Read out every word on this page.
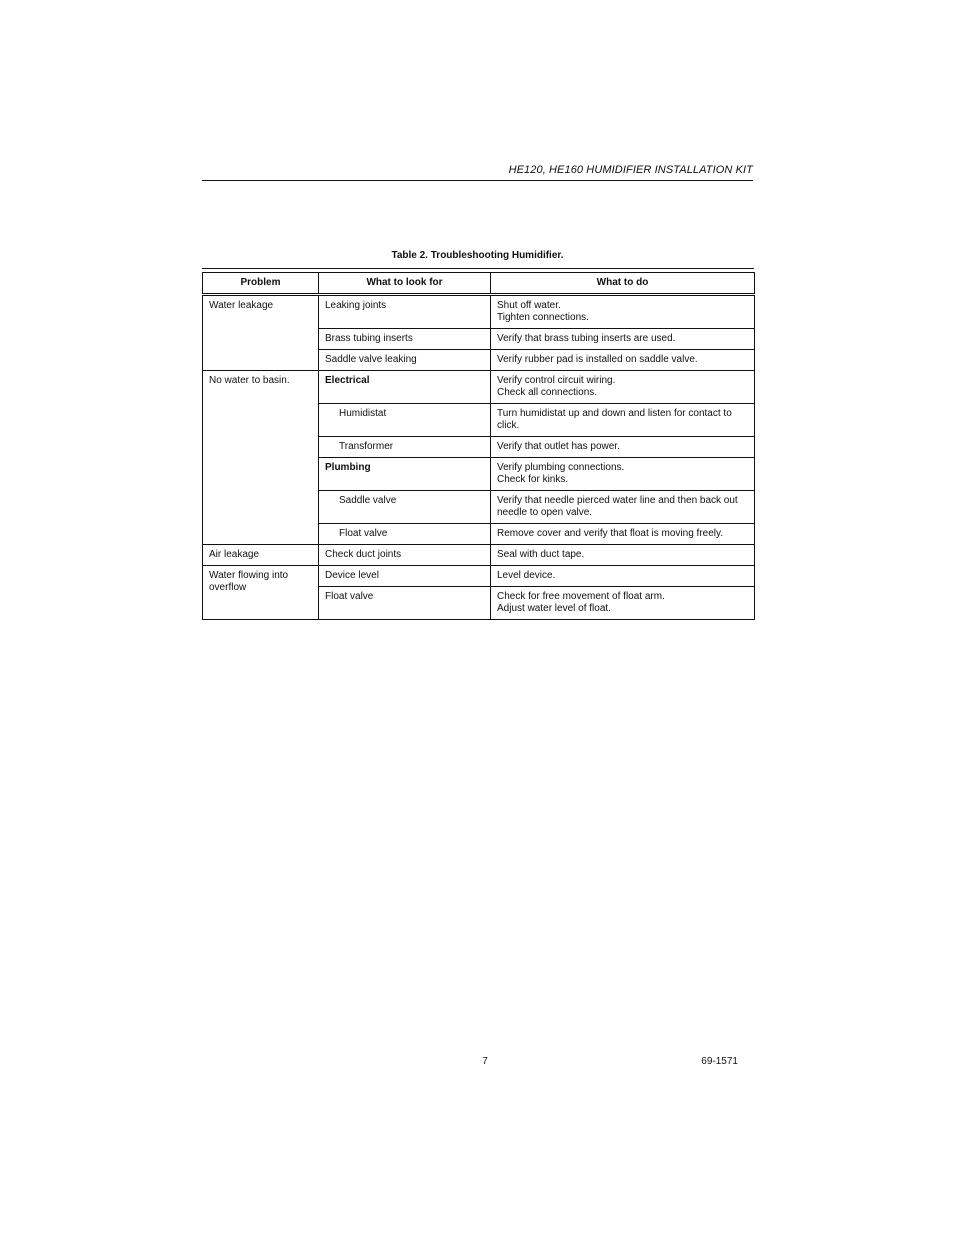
HE120, HE160 HUMIDIFIER INSTALLATION KIT
Table 2. Troubleshooting Humidifier.
Problem	What to look for	What to do
Water leakage	Leaking joints	Shut off water.
Tighten connections.

	Brass tubing inserts	Verify that brass tubing inserts are used.

	Saddle valve leaking	Verify rubber pad is installed on saddle valve.

No water to basin.	Electrical	Verify control circuit wiring.
Check all connections.

	Humidistat	Turn humidistat up and down and listen for contact to click.

	Transformer	Verify that outlet has power.

	Plumbing	Verify plumbing connections.
Check for kinks.

	Saddle valve	Verify that needle pierced water line and then back out needle to open valve.

	Float valve	Remove cover and verify that float is moving freely.

Air leakage	Check duct joints	Seal with duct tape.

Water flowing into overflow	Device level	Level device.

	Float valve	Check for free movement of float arm.
Adjust water level of float.
7	69-1571
